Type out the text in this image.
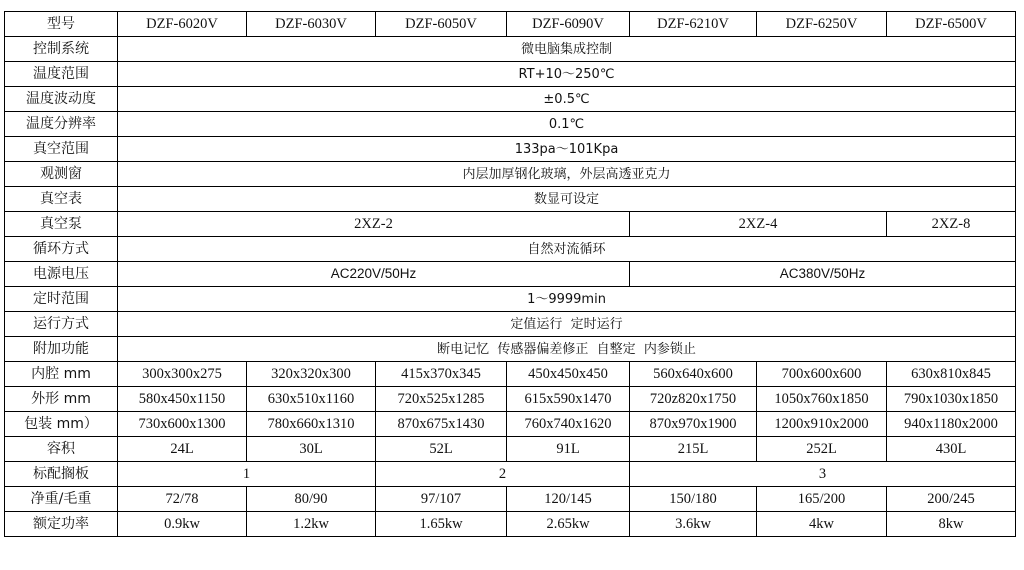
型号	DZF-6020V	DZF-6030V	DZF-6050V	DZF-6090V	DZF-6210V	DZF-6250V	DZF-6500V
控制系统	微电脑集成控制						
温度范围	RT+10～250℃						
温度波动度	±0.5℃						
温度分辨率	0.1℃						
真空范围	133pa～101Kpa						
观测窗	内层加厚钢化玻璃，外层高透亚克力						
真空表	数显可设定						
真空泵	2XZ-2				2XZ-4		2XZ-8
循环方式	自然对流循环						
电源电压	AC220V/50Hz				AC380V/50Hz		
定时范围	1～9999min						
运行方式	定值运行  定时运行						
附加功能	断电记忆  传感器偏差修正  自整定  内参锁止						
内腔 mm	300x300x275	320x320x300	415x370x345	450x450x450	560x640x600	700x600x600	630x810x845
外形 mm	580x450x1150	630x510x1160	720x525x1285	615x590x1470	720z820x1750	1050x760x1850	790x1030x1850
包装 mm）	730x600x1300	780x660x1310	870x675x1430	760x740x1620	870x970x1900	1200x910x2000	940x1180x2000
容积	24L	30L	52L	91L	215L	252L	430L
标配搁板	1		2		3		
净重/毛重	72/78	80/90	97/107	120/145	150/180	165/200	200/245
额定功率	0.9kw	1.2kw	1.65kw	2.65kw	3.6kw	4kw	8kw
